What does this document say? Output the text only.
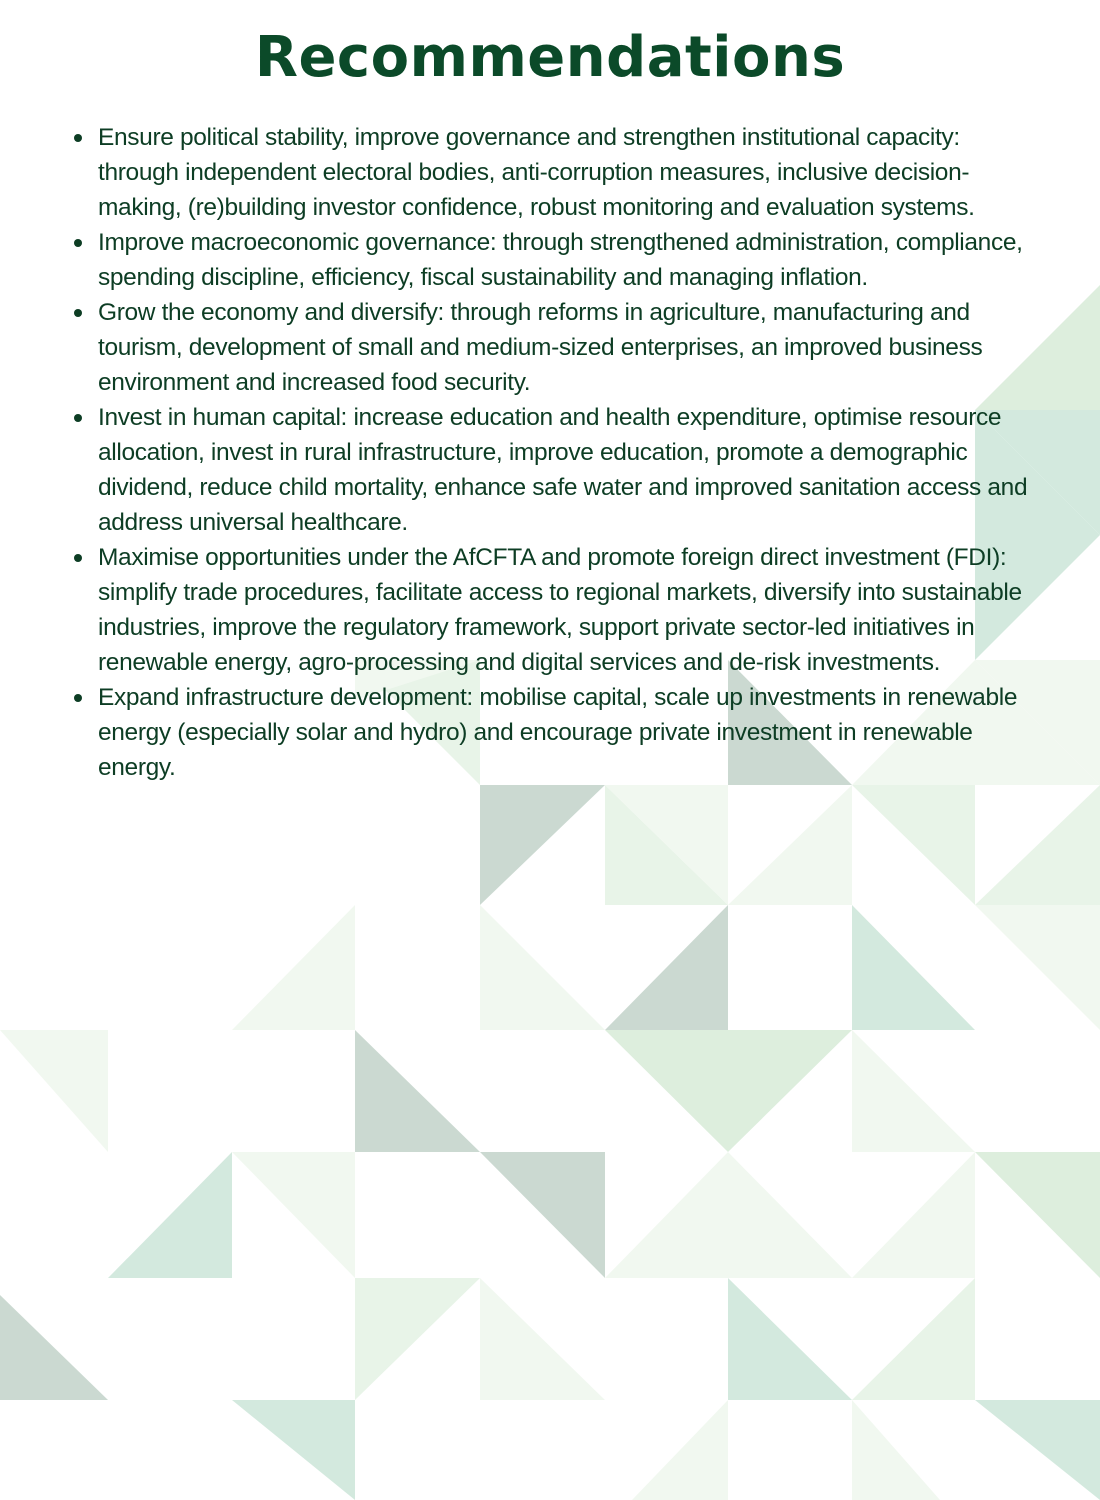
Recommendations
Ensure political stability, improve governance and strengthen institutional capacity: through independent electoral bodies, anti-corruption measures, inclusive decision-making, (re)building investor confidence, robust monitoring and evaluation systems.
Improve macroeconomic governance: through strengthened administration, compliance, spending discipline, efficiency, fiscal sustainability and managing inflation.
Grow the economy and diversify: through reforms in agriculture, manufacturing and tourism, development of small and medium-sized enterprises, an improved business environment and increased food security.
Invest in human capital: increase education and health expenditure, optimise resource allocation, invest in rural infrastructure, improve education, promote a demographic dividend, reduce child mortality, enhance safe water and improved sanitation access and address universal healthcare.
Maximise opportunities under the AfCFTA and promote foreign direct investment (FDI): simplify trade procedures, facilitate access to regional markets, diversify into sustainable industries, improve the regulatory framework, support private sector-led initiatives in renewable energy, agro-processing and digital services and de-risk investments.
Expand infrastructure development: mobilise capital, scale up investments in renewable energy (especially solar and hydro) and encourage private investment in renewable energy.
